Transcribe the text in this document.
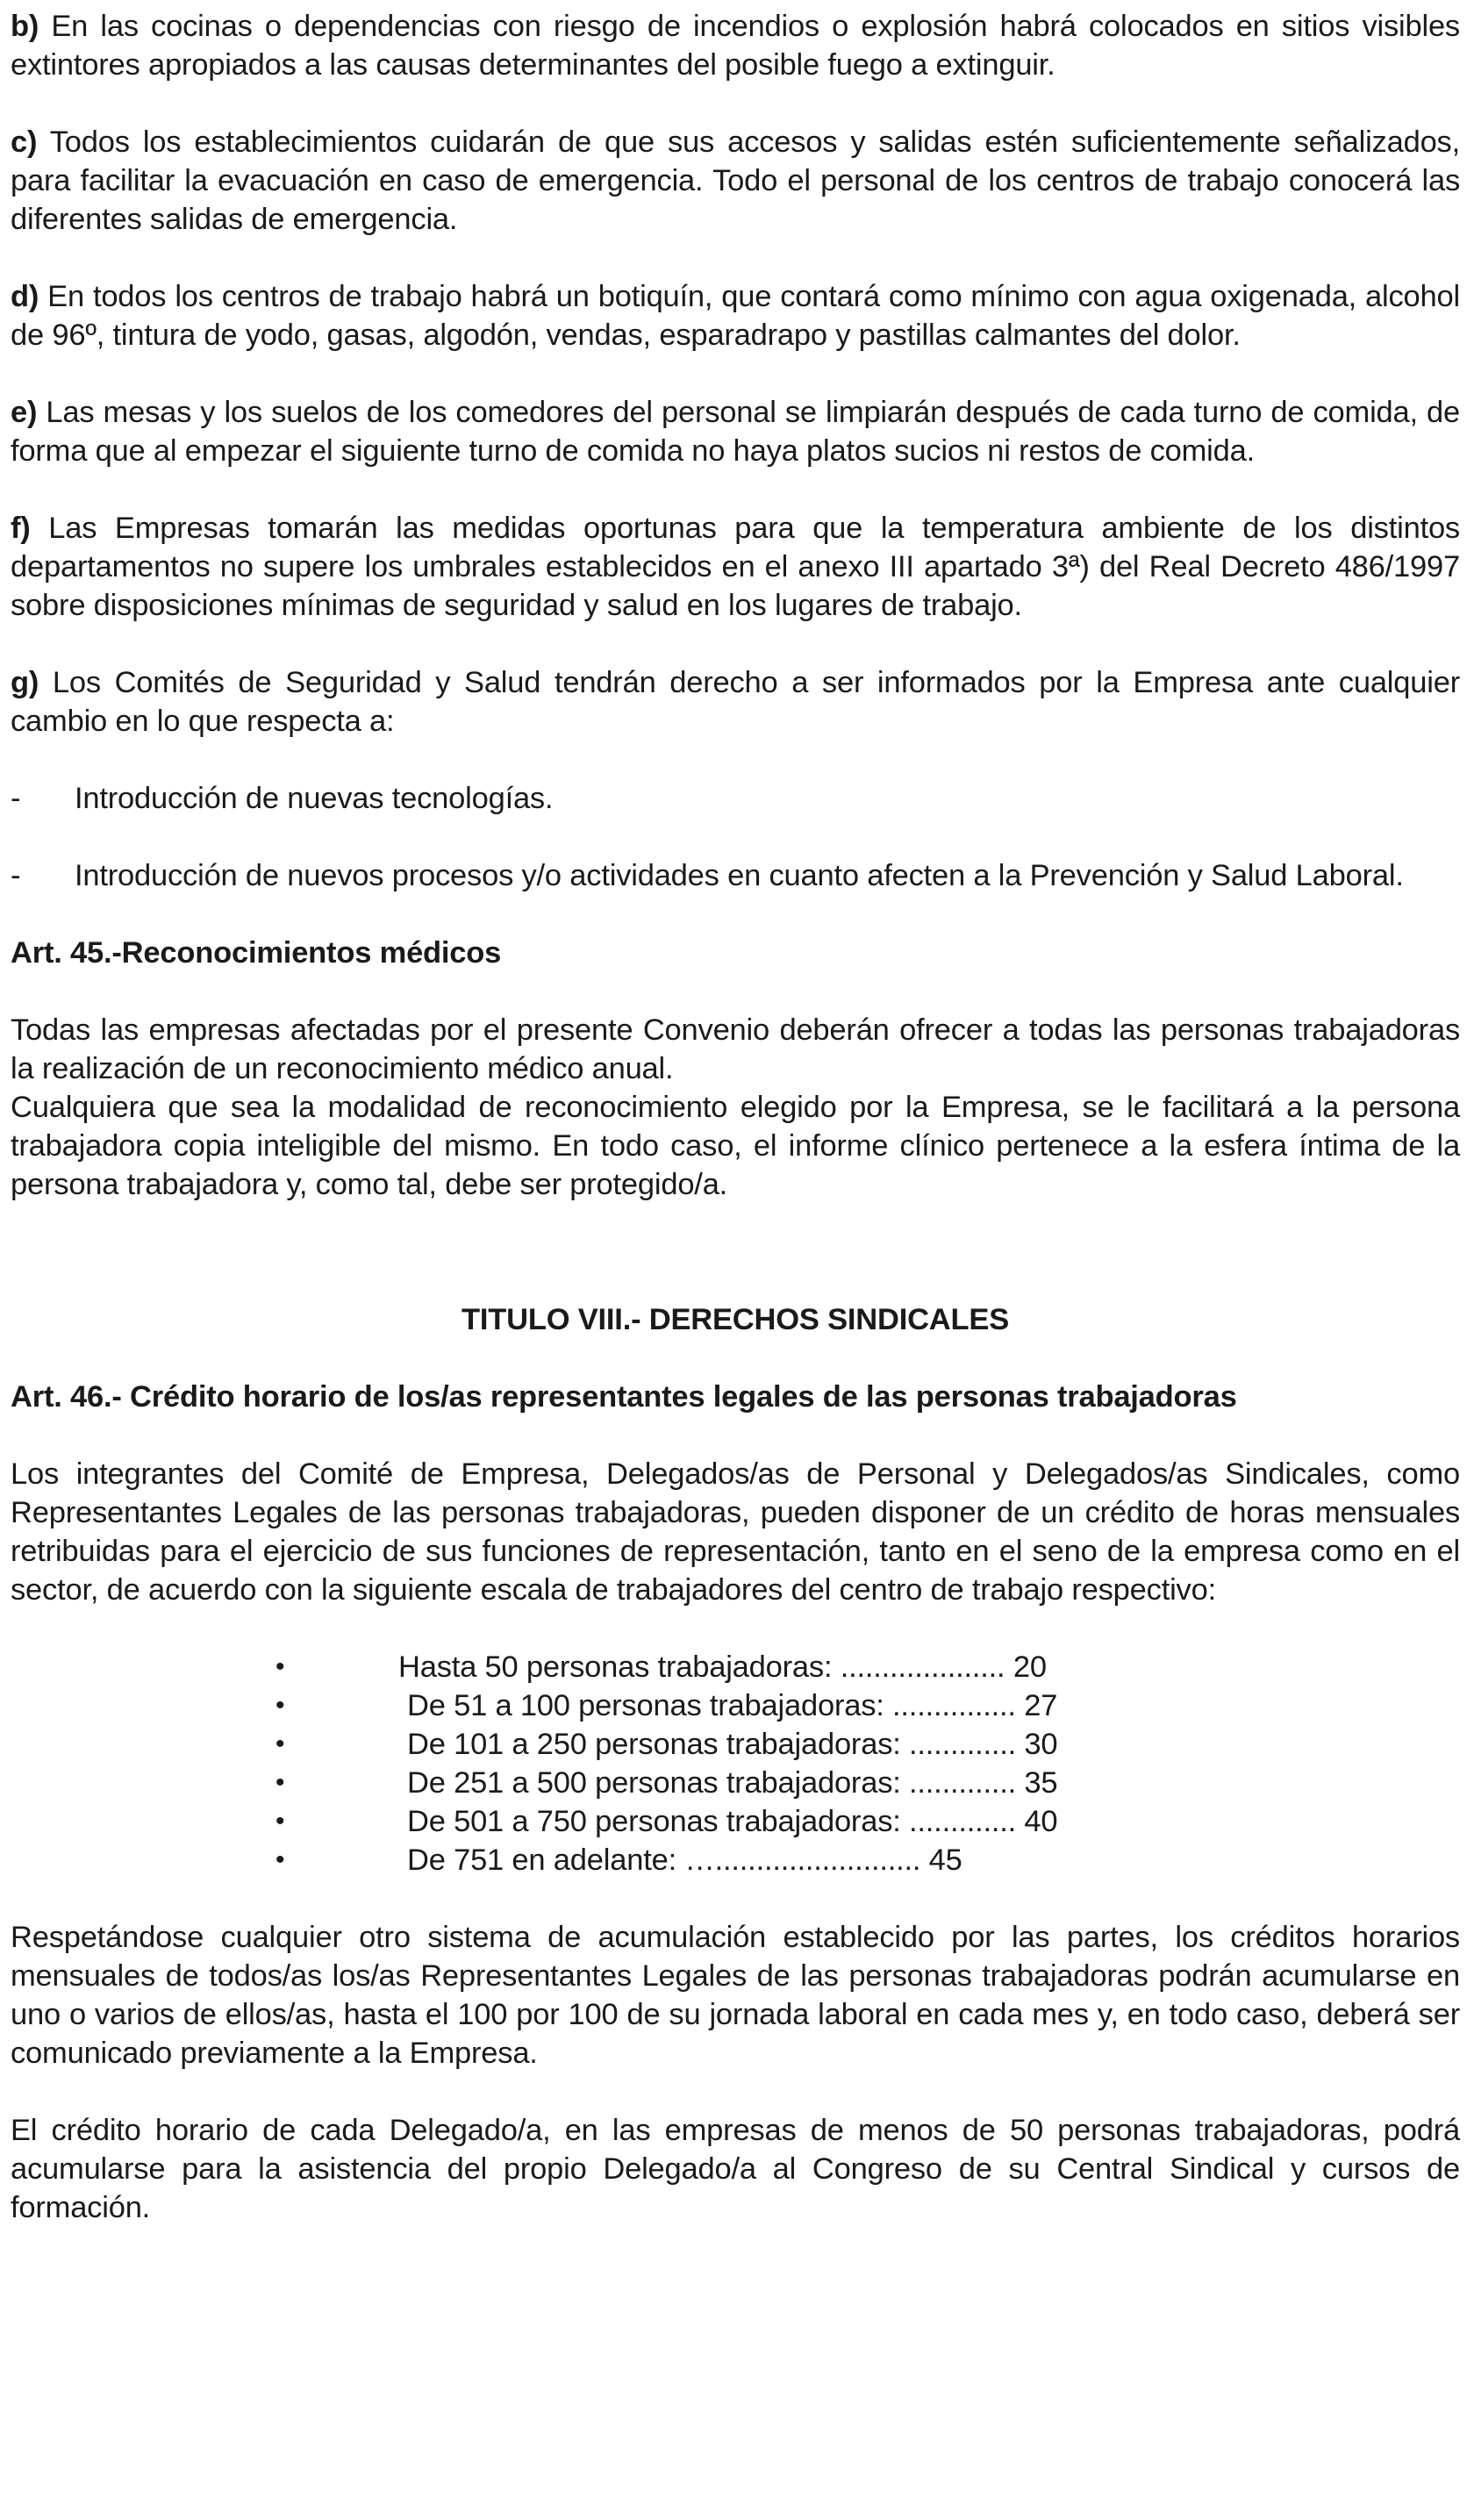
b) En las cocinas o dependencias con riesgo de incendios o explosión habrá colocados en sitios visibles extintores apropiados a las causas determinantes del posible fuego a extinguir.

c) Todos los establecimientos cuidarán de que sus accesos y salidas estén suficientemente señalizados, para facilitar la evacuación en caso de emergencia. Todo el personal de los centros de trabajo conocerá las diferentes salidas de emergencia.

d) En todos los centros de trabajo habrá un botiquín, que contará como mínimo con agua oxigenada, alcohol de 96º, tintura de yodo, gasas, algodón, vendas, esparadrapo y pastillas calmantes del dolor.

e) Las mesas y los suelos de los comedores del personal se limpiarán después de cada turno de comida, de forma que al empezar el siguiente turno de comida no haya platos sucios ni restos de comida.

f) Las Empresas tomarán las medidas oportunas para que la temperatura ambiente de los distintos departamentos no supere los umbrales establecidos en el anexo III apartado 3ª) del Real Decreto 486/1997 sobre disposiciones mínimas de seguridad y salud en los lugares de trabajo.

g) Los Comités de Seguridad y Salud tendrán derecho a ser informados por la Empresa ante cualquier cambio en lo que respecta a:

-	Introducción de nuevas tecnologías.
-	Introducción de nuevos procesos y/o actividades en cuanto afecten a la Prevención y Salud Laboral.

Art. 45.-Reconocimientos médicos

Todas las empresas afectadas por el presente Convenio deberán ofrecer a todas las personas trabajadoras la realización de un reconocimiento médico anual.

Cualquiera que sea la modalidad de reconocimiento elegido por la Empresa, se le facilitará a la persona trabajadora copia inteligible del mismo. En todo caso, el informe clínico pertenece a la esfera íntima de la persona trabajadora y, como tal, debe ser protegido/a.

TITULO VIII.- DERECHOS SINDICALES

Art. 46.- Crédito horario de los/as representantes legales de las personas trabajadoras

Los integrantes del Comité de Empresa, Delegados/as de Personal y Delegados/as Sindicales, como Representantes Legales de las personas trabajadoras, pueden disponer de un crédito de horas mensuales retribuidas para el ejercicio de sus funciones de representación, tanto en el seno de la empresa como en el sector, de acuerdo con la siguiente escala de trabajadores del centro de trabajo respectivo:

•	Hasta 50 personas trabajadoras: .................... 20
•	De 51 a 100 personas trabajadoras: ............... 27
•	De 101 a 250 personas trabajadoras: ............. 30
•	De 251 a 500 personas trabajadoras: ............. 35
•	De 501 a 750 personas trabajadoras: ............. 40
•	De 751 en adelante: …......................... 45

Respetándose cualquier otro sistema de acumulación establecido por las partes, los créditos horarios mensuales de todos/as los/as Representantes Legales de las personas trabajadoras podrán acumularse en uno o varios de ellos/as, hasta el 100 por 100 de su jornada laboral en cada mes y, en todo caso, deberá ser comunicado previamente a la Empresa.

El crédito horario de cada Delegado/a, en las empresas de menos de 50 personas trabajadoras, podrá acumularse para la asistencia del propio Delegado/a al Congreso de su Central Sindical y cursos de formación.
